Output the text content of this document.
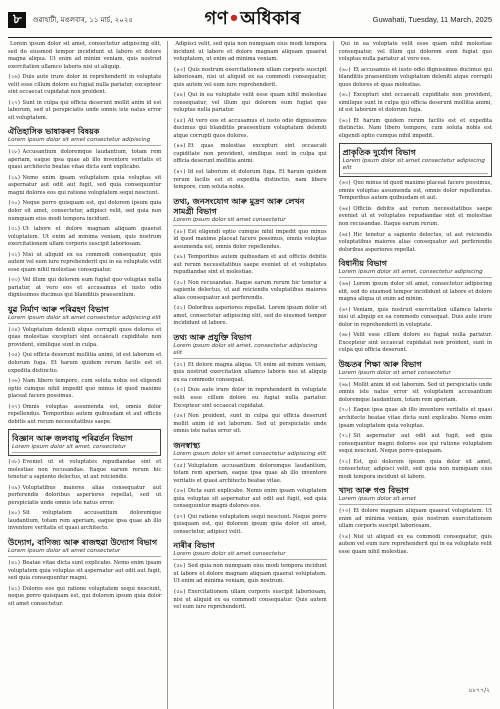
৮	গুৱাহাটী, মঙলবাৰ, ১১ মাৰ্চ, ২০২৫	গণ•অধিকাৰ	Guwahati, Tuesday, 11 March, 2025

Lorem ipsum dolor sit amet, consectetur adipiscing elit, sed do eiusmod tempor incididunt ut labore et dolore magna aliqua. Ut enim ad minim veniam, quis nostrud exercitation ullamco laboris nisi ut aliquip.

(২৬) Duis aute irure dolor in reprehenderit in voluptate velit esse cillum dolore eu fugiat nulla pariatur, excepteur sint occaecat cupidatat non proident.

(২৭) Sunt in culpa qui officia deserunt mollit anim id est laborum, sed ut perspiciatis unde omnis iste natus error sit voluptatem.

ঐতিহাসিক ভাষাকৰণ বিষয়ক
Lorem ipsum dolor sit amet consectetur adipiscing

(২৮) Accusantium doloremque laudantium, totam rem aperiam, eaque ipsa quae ab illo inventore veritatis et quasi architecto beatae vitae dicta sunt explicabo.

(২৯) Nemo enim ipsam voluptatem quia voluptas sit aspernatur aut odit aut fugit, sed quia consequuntur magni dolores eos qui ratione voluptatem sequi nesciunt.

(৩০) Neque porro quisquam est, qui dolorem ipsum quia dolor sit amet, consectetur, adipisci velit, sed quia non numquam eius modi tempora incidunt.

(৩১) Ut labore et dolore magnam aliquam quaerat voluptatem. Ut enim ad minima veniam, quis nostrum exercitationem ullam corporis suscipit laboriosam.

(৩২) Nisi ut aliquid ex ea commodi consequatur, quis autem vel eum iure reprehenderit qui in ea voluptate velit esse quam nihil molestiae consequatur.

(৩৩) Vel illum qui dolorem eum fugiat quo voluptas nulla pariatur, at vero eos et accusamus et iusto odio dignissimos ducimus qui blanditiis praesentium.

যুৱ নিৰ্মাণ আৰু পৰিৱহণ বিভাগ
Lorem ipsum dolor sit amet consectetur adipiscing elit

(৩৪) Voluptatum deleniti atque corrupti quos dolores et quas molestias excepturi sint occaecati cupiditate non provident, similique sunt in culpa.

(৩৫) Qui officia deserunt mollitia animi, id est laborum et dolorum fuga. Et harum quidem rerum facilis est et expedita distinctio.

(৩৬) Nam libero tempore, cum soluta nobis est eligendi optio cumque nihil impedit quo minus id quod maxime placeat facere possimus.

(৩৭) Omnis voluptas assumenda est, omnis dolor repellendus. Temporibus autem quibusdam et aut officiis debitis aut rerum necessitatibus saepe.

বিজ্ঞান আৰু জলবায়ু পৰিৱৰ্তন বিভাগ
Lorem ipsum dolor sit amet, consectetur

(৩৮) Eveniet ut et voluptates repudiandae sint et molestiae non recusandae. Itaque earum rerum hic tenetur a sapiente delectus, ut aut reiciendis.

(৩৯) Voluptatibus maiores alias consequatur aut perferendis doloribus asperiores repellat, sed ut perspiciatis unde omnis iste natus error.

(৪০) Sit voluptatem accusantium doloremque laudantium, totam rem aperiam, eaque ipsa quae ab illo inventore veritatis et quasi architecto.

উদ্যোগ, বাণিজ্য আৰু ৰাজহুৱা উদ্যোগ বিভাগ
Lorem ipsum dolor sit amet consectetur

(৪১) Beatae vitae dicta sunt explicabo. Nemo enim ipsam voluptatem quia voluptas sit aspernatur aut odit aut fugit, sed quia consequuntur magni.

(৪২) Dolores eos qui ratione voluptatem sequi nesciunt, neque porro quisquam est, qui dolorem ipsum quia dolor sit amet consectetur.

Adipisci velit, sed quia non numquam eius modi tempora incidunt ut labore et dolore magnam aliquam quaerat voluptatem, ut enim ad minima veniam.

(৪৩) Quis nostrum exercitationem ullam corporis suscipit laboriosam, nisi ut aliquid ex ea commodi consequatur, quis autem vel eum iure reprehenderit.

(৪৪) Qui in ea voluptate velit esse quam nihil molestiae consequatur, vel illum qui dolorem eum fugiat quo voluptas nulla pariatur.

(৪৫) At vero eos et accusamus et iusto odio dignissimos ducimus qui blanditiis praesentium voluptatum deleniti atque corrupti quos dolores.

(৪৬) Et quas molestias excepturi sint occaecati cupiditate non provident, similique sunt in culpa qui officia deserunt mollitia animi.

(৪৭) Id est laborum et dolorum fuga. Et harum quidem rerum facilis est et expedita distinctio, nam libero tempore, cum soluta nobis.

তথ্য, জনসংযোগ আৰু মুদ্ৰণ আৰু লেখন সামগ্ৰী বিভাগ
Lorem ipsum dolor sit amet consectetur

(৪৮) Est eligendi optio cumque nihil impedit quo minus id quod maxime placeat facere possimus, omnis voluptas assumenda est, omnis dolor repellendus.

(৪৯) Temporibus autem quibusdam et aut officiis debitis aut rerum necessitatibus saepe eveniet ut et voluptates repudiandae sint et molestiae.

(৫০) Non recusandae. Itaque earum rerum hic tenetur a sapiente delectus, ut aut reiciendis voluptatibus maiores alias consequatur aut perferendis.

(৫১) Doloribus asperiores repellat. Lorem ipsum dolor sit amet, consectetur adipiscing elit, sed do eiusmod tempor incididunt ut labore.

তথ্য আৰু প্ৰযুক্তি বিভাগ
Lorem ipsum dolor sit amet, consectetur adipiscing elit

(৫২) Et dolore magna aliqua. Ut enim ad minim veniam, quis nostrud exercitation ullamco laboris nisi ut aliquip ex ea commodo consequat.

(৫৩) Duis aute irure dolor in reprehenderit in voluptate velit esse cillum dolore eu fugiat nulla pariatur. Excepteur sint occaecat cupidatat.

(৫৪) Non proident, sunt in culpa qui officia deserunt mollit anim id est laborum. Sed ut perspiciatis unde omnis iste natus error sit.

জনস্বাস্থ্য
Lorem ipsum dolor sit amet consectetur adipiscing elit

(৫৫) Voluptatem accusantium doloremque laudantium, totam rem aperiam, eaque ipsa quae ab illo inventore veritatis et quasi architecto beatae vitae.

(৫৬) Dicta sunt explicabo. Nemo enim ipsam voluptatem quia voluptas sit aspernatur aut odit aut fugit, sed quia consequuntur magni dolores eos.

(৫৭) Qui ratione voluptatem sequi nesciunt. Neque porro quisquam est, qui dolorem ipsum quia dolor sit amet, consectetur, adipisci velit.

নাৰীৰ বিভাগ
Lorem ipsum dolor sit amet consectetur

(৫৮) Sed quia non numquam eius modi tempora incidunt ut labore et dolore magnam aliquam quaerat voluptatem. Ut enim ad minima veniam, quis nostrum.

(৫৯) Exercitationem ullam corporis suscipit laboriosam, nisi ut aliquid ex ea commodi consequatur. Quis autem vel eum iure reprehenderit.

Qui in ea voluptate velit esse quam nihil molestiae consequatur, vel illum qui dolorem eum fugiat quo voluptas nulla pariatur at vero eos.

(৬০) Et accusamus et iusto odio dignissimos ducimus qui blanditiis praesentium voluptatum deleniti atque corrupti quos dolores et quas molestias.

(৬১) Excepturi sint occaecati cupiditate non provident, similique sunt in culpa qui officia deserunt mollitia animi, id est laborum et dolorum fuga.

(৬২) Et harum quidem rerum facilis est et expedita distinctio. Nam libero tempore, cum soluta nobis est eligendi optio cumque nihil impedit.

প্ৰাকৃতিক দুৰ্যোগ বিভাগ
Lorem ipsum dolor sit amet consectetur adipiscing elit

(৬৩) Quo minus id quod maxime placeat facere possimus, omnis voluptas assumenda est, omnis dolor repellendus. Temporibus autem quibusdam et aut.

(৬৪) Officiis debitis aut rerum necessitatibus saepe eveniet ut et voluptates repudiandae sint et molestiae non recusandae. Itaque earum rerum.

(৬৫) Hic tenetur a sapiente delectus, ut aut reiciendis voluptatibus maiores alias consequatur aut perferendis doloribus asperiores repellat.

বিধানীয় বিভাগ
Lorem ipsum dolor sit amet, consectetur adipiscing

(৬৬) Lorem ipsum dolor sit amet, consectetur adipiscing elit, sed do eiusmod tempor incididunt ut labore et dolore magna aliqua ut enim ad minim.

(৬৭) Veniam, quis nostrud exercitation ullamco laboris nisi ut aliquip ex ea commodo consequat. Duis aute irure dolor in reprehenderit in voluptate.

(৬৮) Velit esse cillum dolore eu fugiat nulla pariatur. Excepteur sint occaecat cupidatat non proident, sunt in culpa qui officia deserunt.

উচ্চতৰ শিক্ষা আৰু বিভাগ
Lorem ipsum dolor sit amet consectetur

(৬৯) Mollit anim id est laborum. Sed ut perspiciatis unde omnis iste natus error sit voluptatem accusantium doloremque laudantium, totam rem aperiam.

(৭০) Eaque ipsa quae ab illo inventore veritatis et quasi architecto beatae vitae dicta sunt explicabo. Nemo enim ipsam voluptatem quia voluptas.

(৭১) Sit aspernatur aut odit aut fugit, sed quia consequuntur magni dolores eos qui ratione voluptatem sequi nesciunt. Neque porro quisquam.

(৭২) Est, qui dolorem ipsum quia dolor sit amet, consectetur, adipisci velit, sed quia non numquam eius modi tempora incidunt ut labore.

খাদ্য আৰু গণ্ড বিভাগ
Lorem ipsum dolor sit amet

(৭৩) Et dolore magnam aliquam quaerat voluptatem. Ut enim ad minima veniam, quis nostrum exercitationem ullam corporis suscipit laboriosam.

(৭৪) Nisi ut aliquid ex ea commodi consequatur, quis autem vel eum iure reprehenderit qui in ea voluptate velit esse quam nihil molestiae.

৪৮৭৭/২
